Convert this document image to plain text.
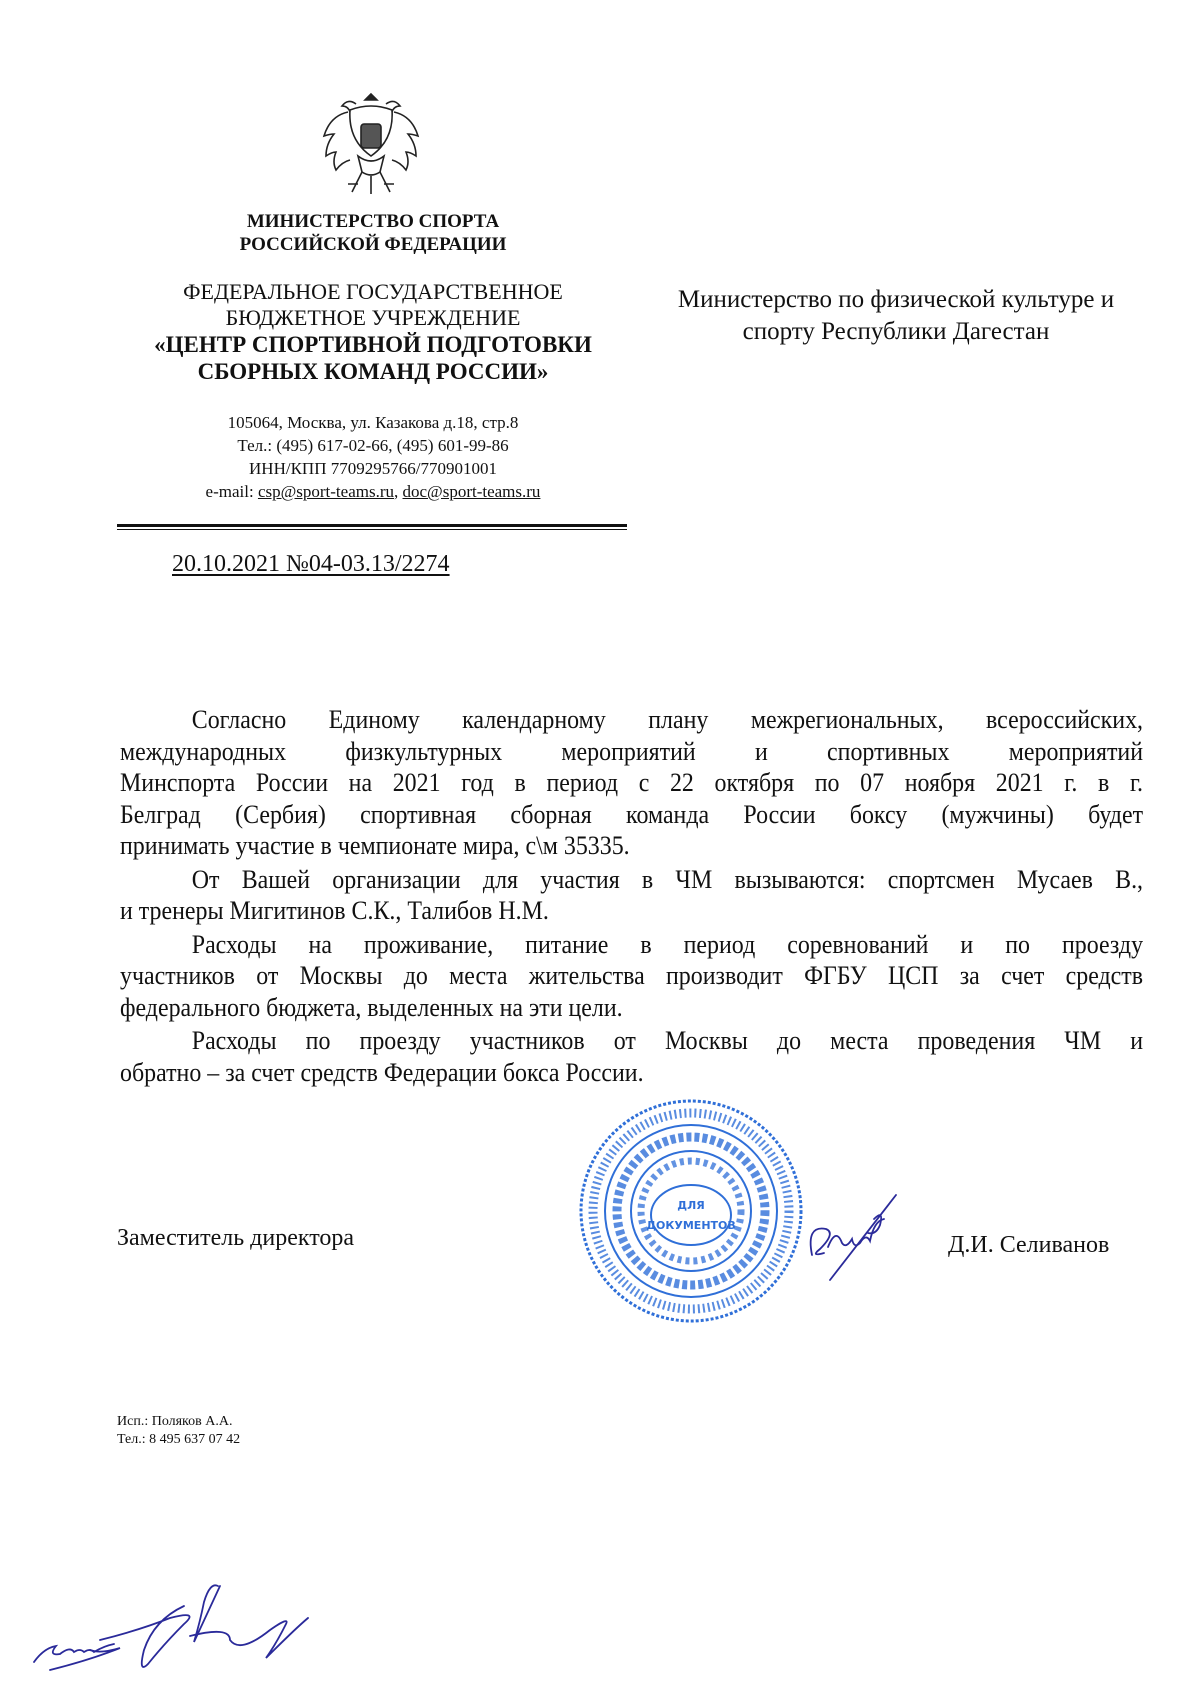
МИНИСТЕРСТВО СПОРТА
РОССИЙСКОЙ ФЕДЕРАЦИИ
ФЕДЕРАЛЬНОЕ ГОСУДАРСТВЕННОЕ
БЮДЖЕТНОЕ УЧРЕЖДЕНИЕ
«ЦЕНТР СПОРТИВНОЙ ПОДГОТОВКИ
СБОРНЫХ КОМАНД РОССИИ»
105064, Москва, ул. Казакова д.18, стр.8
Тел.: (495) 617-02-66, (495) 601-99-86
ИНН/КПП 7709295766/770901001
e-mail: csp@sport-teams.ru, doc@sport-teams.ru
20.10.2021 №04-03.13/2274
Министерство по физической культуре и
спорту Республики Дагестан
Согласно Единому календарному плану межрегиональных, всероссийских,
международных физкультурных мероприятий и спортивных мероприятий
Минспорта России на 2021 год в период с 22 октября по 07 ноября 2021 г. в г.
Белград (Сербия) спортивная сборная команда России боксу (мужчины) будет
принимать участие в чемпионате мира, с\м 35335.
От Вашей организации для участия в ЧМ вызываются: спортсмен Мусаев В.,
и тренеры Мигитинов С.К., Талибов Н.М.
Расходы на проживание, питание в период соревнований и по проезду
участников от Москвы до места жительства производит ФГБУ ЦСП за счет средств
федерального бюджета, выделенных на эти цели.
Расходы по проезду участников от Москвы до места проведения ЧМ и
обратно – за счет средств Федерации бокса России.
Заместитель директора
ДЛЯ
ДОКУМЕНТОВ
Д.И. Селиванов
Исп.: Поляков А.А.
Тел.: 8 495 637 07 42
